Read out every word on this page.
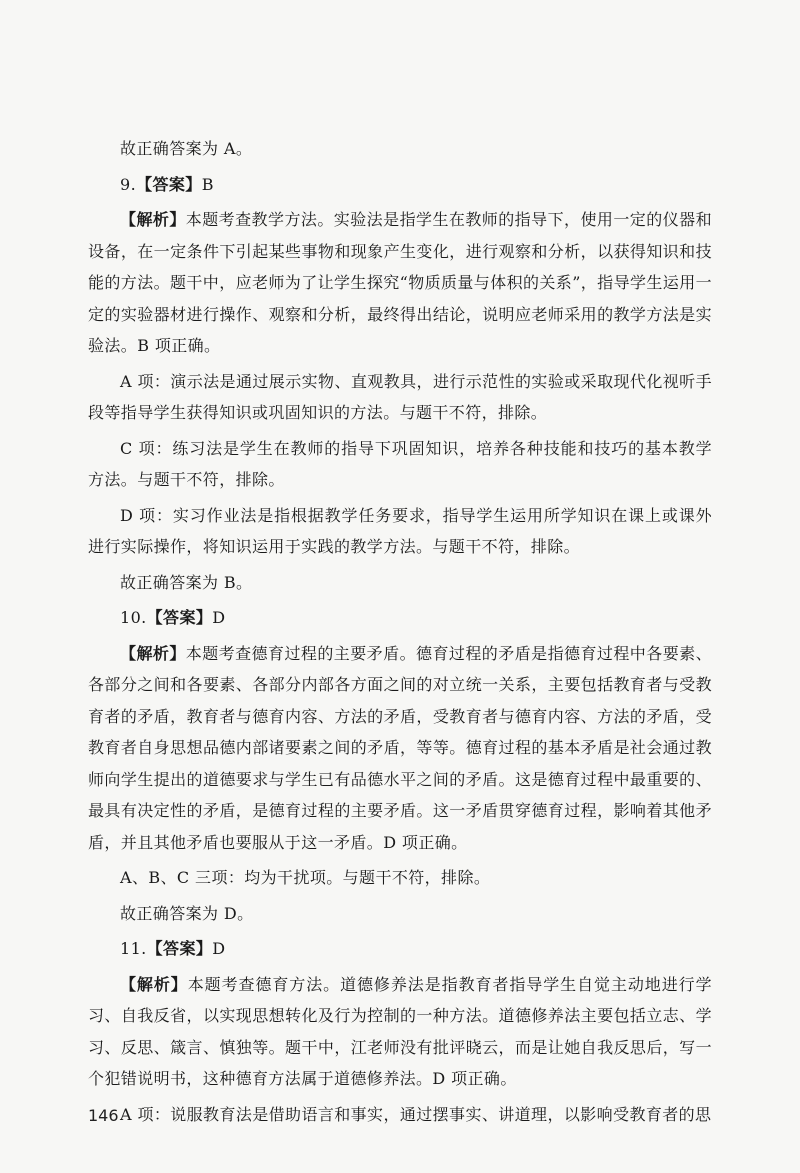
故正确答案为 A。

9.【答案】B

【解析】本题考查教学方法。实验法是指学生在教师的指导下，使用一定的仪器和设备，在一定条件下引起某些事物和现象产生变化，进行观察和分析，以获得知识和技能的方法。题干中，应老师为了让学生探究“物质质量与体积的关系”，指导学生运用一定的实验器材进行操作、观察和分析，最终得出结论，说明应老师采用的教学方法是实验法。B 项正确。

A 项：演示法是通过展示实物、直观教具，进行示范性的实验或采取现代化视听手段等指导学生获得知识或巩固知识的方法。与题干不符，排除。

C 项：练习法是学生在教师的指导下巩固知识，培养各种技能和技巧的基本教学方法。与题干不符，排除。

D 项：实习作业法是指根据教学任务要求，指导学生运用所学知识在课上或课外进行实际操作，将知识运用于实践的教学方法。与题干不符，排除。

故正确答案为 B。

10.【答案】D

【解析】本题考查德育过程的主要矛盾。德育过程的矛盾是指德育过程中各要素、各部分之间和各要素、各部分内部各方面之间的对立统一关系，主要包括教育者与受教育者的矛盾，教育者与德育内容、方法的矛盾，受教育者与德育内容、方法的矛盾，受教育者自身思想品德内部诸要素之间的矛盾，等等。德育过程的基本矛盾是社会通过教师向学生提出的道德要求与学生已有品德水平之间的矛盾。这是德育过程中最重要的、最具有决定性的矛盾，是德育过程的主要矛盾。这一矛盾贯穿德育过程，影响着其他矛盾，并且其他矛盾也要服从于这一矛盾。D 项正确。

A、B、C 三项：均为干扰项。与题干不符，排除。

故正确答案为 D。

11.【答案】D

【解析】本题考查德育方法。道德修养法是指教育者指导学生自觉主动地进行学习、自我反省，以实现思想转化及行为控制的一种方法。道德修养法主要包括立志、学习、反思、箴言、慎独等。题干中，江老师没有批评晓云，而是让她自我反思后，写一个犯错说明书，这种德育方法属于道德修养法。D 项正确。

A 项：说服教育法是借助语言和事实，通过摆事实、讲道理，以影响受教育者的思

146
